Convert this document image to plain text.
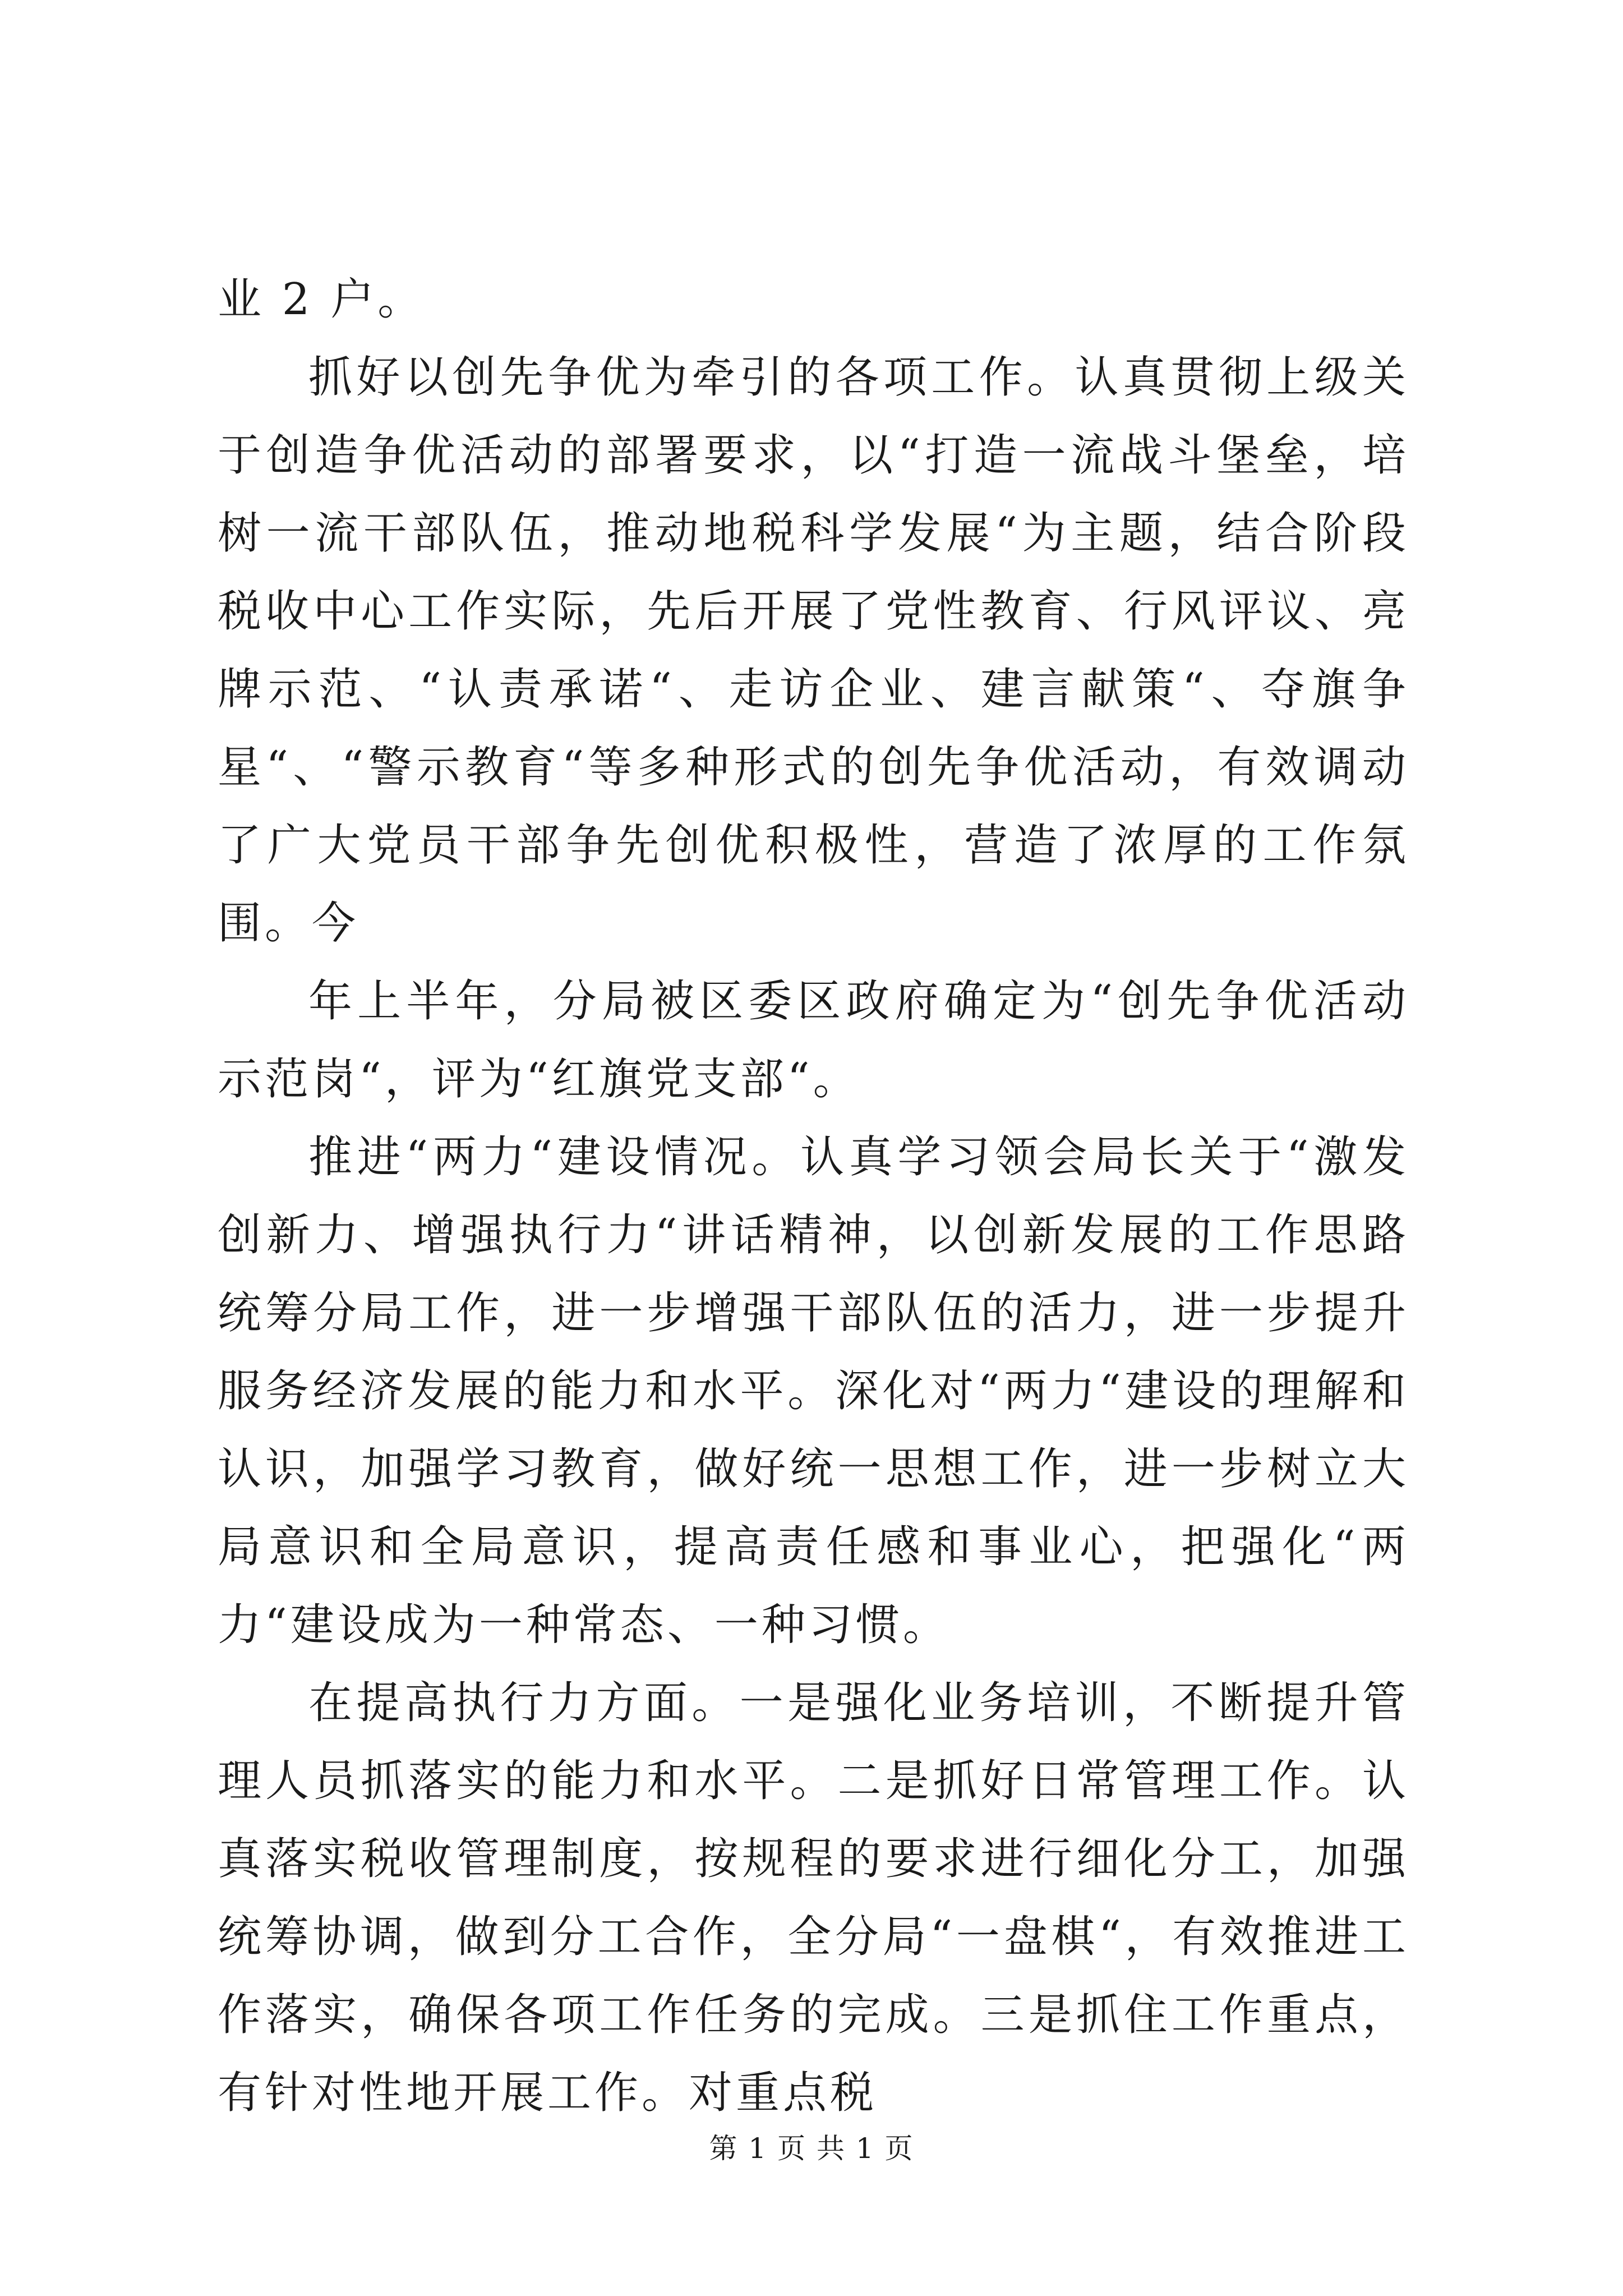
业 2 户。

抓好以创先争优为牵引的各项工作。认真贯彻上级关于创造争优活动的部署要求，以“打造一流战斗堡垒，培树一流干部队伍，推动地税科学发展“为主题，结合阶段税收中心工作实际，先后开展了党性教育、行风评议、亮牌示范、“认责承诺“、走访企业、建言献策“、夺旗争星“、“警示教育“等多种形式的创先争优活动，有效调动了广大党员干部争先创优积极性，营造了浓厚的工作氛围。今

年上半年，分局被区委区政府确定为“创先争优活动示范岗“，评为“红旗党支部“。

推进“两力“建设情况。认真学习领会局长关于“激发创新力、增强执行力“讲话精神，以创新发展的工作思路统筹分局工作，进一步增强干部队伍的活力，进一步提升服务经济发展的能力和水平。深化对“两力“建设的理解和认识，加强学习教育，做好统一思想工作，进一步树立大局意识和全局意识，提高责任感和事业心，把强化“两力“建设成为一种常态、一种习惯。

在提高执行力方面。一是强化业务培训，不断提升管理人员抓落实的能力和水平。二是抓好日常管理工作。认真落实税收管理制度，按规程的要求进行细化分工，加强统筹协调，做到分工合作，全分局“一盘棋“，有效推进工作落实，确保各项工作任务的完成。三是抓住工作重点，有针对性地开展工作。对重点税

第 1 页 共 1 页
